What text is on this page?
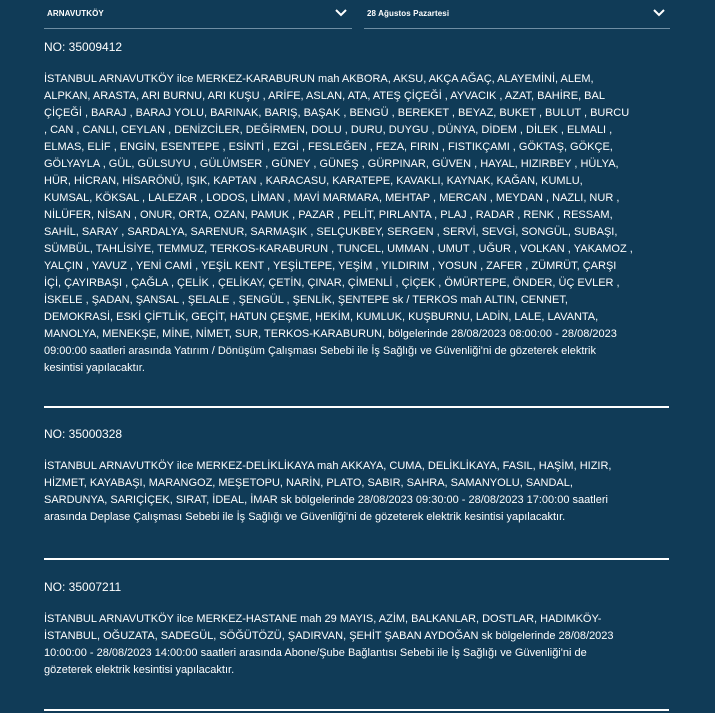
ARNAVUTKÖY	28 Ağustos Pazartesi

NO: 35009412

İSTANBUL ARNAVUTKÖY ilce MERKEZ-KARABURUN mah AKBORA, AKSU, AKÇA AĞAÇ, ALAYEMİNİ, ALEM,
ALPKAN, ARASTA, ARI BURNU, ARI KUŞU , ARİFE, ASLAN, ATA, ATEŞ ÇİÇEĞİ , AYVACIK , AZAT, BAHİRE, BAL
ÇİÇEĞİ , BARAJ , BARAJ YOLU, BARINAK, BARIŞ, BAŞAK , BENGÜ , BEREKET , BEYAZ, BUKET , BULUT , BURCU
, CAN , CANLI, CEYLAN , DENİZCİLER, DEĞİRMEN, DOLU , DURU, DUYGU , DÜNYA, DİDEM , DİLEK , ELMALI ,
ELMAS, ELİF , ENGİN, ESENTEPE , ESİNTİ , EZGİ , FESLEĞEN , FEZA, FIRIN , FISTIKÇAMI , GÖKTAŞ, GÖKÇE,
GÖLYAYLA , GÜL, GÜLSUYU , GÜLÜMSER , GÜNEY , GÜNEŞ , GÜRPINAR, GÜVEN , HAYAL, HIZIRBEY , HÜLYA,
HÜR, HİCRAN, HİSARÖNÜ, IŞIK, KAPTAN , KARACASU, KARATEPE, KAVAKLI, KAYNAK, KAĞAN, KUMLU,
KUMSAL, KÖKSAL , LALEZAR , LODOS, LİMAN , MAVİ MARMARA, MEHTAP , MERCAN , MEYDAN , NAZLI, NUR ,
NİLÜFER, NİSAN , ONUR, ORTA, OZAN, PAMUK , PAZAR , PELİT, PIRLANTA , PLAJ , RADAR , RENK , RESSAM,
SAHİL, SARAY , SARDALYA, SARENUR, SARMAŞIK , SELÇUKBEY, SERGEN , SERVİ, SEVGİ, SONGÜL, SUBAŞI,
SÜMBÜL, TAHLİSİYE, TEMMUZ, TERKOS-KARABURUN , TUNCEL, UMMAN , UMUT , UĞUR , VOLKAN , YAKAMOZ ,
YALÇIN , YAVUZ , YENİ CAMİ , YEŞİL KENT , YEŞİLTEPE, YEŞİM , YILDIRIM , YOSUN , ZAFER , ZÜMRÜT, ÇARŞI
İÇİ, ÇAYIRBAŞI , ÇAĞLA , ÇELİK , ÇELİKAY, ÇETİN, ÇINAR, ÇİMENLİ , ÇİÇEK , ÖMÜRTEPE, ÖNDER, ÜÇ EVLER ,
İSKELE , ŞADAN, ŞANSAL , ŞELALE , ŞENGÜL , ŞENLİK, ŞENTEPE sk / TERKOS mah ALTIN, CENNET,
DEMOKRASİ, ESKİ ÇİFTLİK, GEÇİT, HATUN ÇEŞME, HEKİM, KUMLUK, KUŞBURNU, LADİN, LALE, LAVANTA,
MANOLYA, MENEKŞE, MİNE, NİMET, SUR, TERKOS-KARABURUN, bölgelerinde 28/08/2023 08:00:00 - 28/08/2023
09:00:00 saatleri arasında Yatırım / Dönüşüm Çalışması Sebebi ile İş Sağlığı ve Güvenliği'ni de gözeterek elektrik
kesintisi yapılacaktır.

NO: 35000328

İSTANBUL ARNAVUTKÖY ilce MERKEZ-DELİKLİKAYA mah AKKAYA, CUMA, DELİKLİKAYA, FASIL, HAŞİM, HIZIR,
HİZMET, KAYABAŞI, MARANGOZ, MEŞETOPU, NARİN, PLATO, SABIR, SAHRA, SAMANYOLU, SANDAL,
SARDUNYA, SARIÇİÇEK, SIRAT, İDEAL, İMAR sk bölgelerinde 28/08/2023 09:30:00 - 28/08/2023 17:00:00 saatleri
arasında Deplase Çalışması Sebebi ile İş Sağlığı ve Güvenliği'ni de gözeterek elektrik kesintisi yapılacaktır.

NO: 35007211

İSTANBUL ARNAVUTKÖY ilce MERKEZ-HASTANE mah 29 MAYIS, AZİM, BALKANLAR, DOSTLAR, HADIMKÖY-
İSTANBUL, OĞUZATA, SADEGÜL, SÖĞÜTÖZÜ, ŞADIRVAN, ŞEHİT ŞABAN AYDOĞAN sk bölgelerinde 28/08/2023
10:00:00 - 28/08/2023 14:00:00 saatleri arasında Abone/Şube Bağlantısı Sebebi ile İş Sağlığı ve Güvenliği'ni de
gözeterek elektrik kesintisi yapılacaktır.
